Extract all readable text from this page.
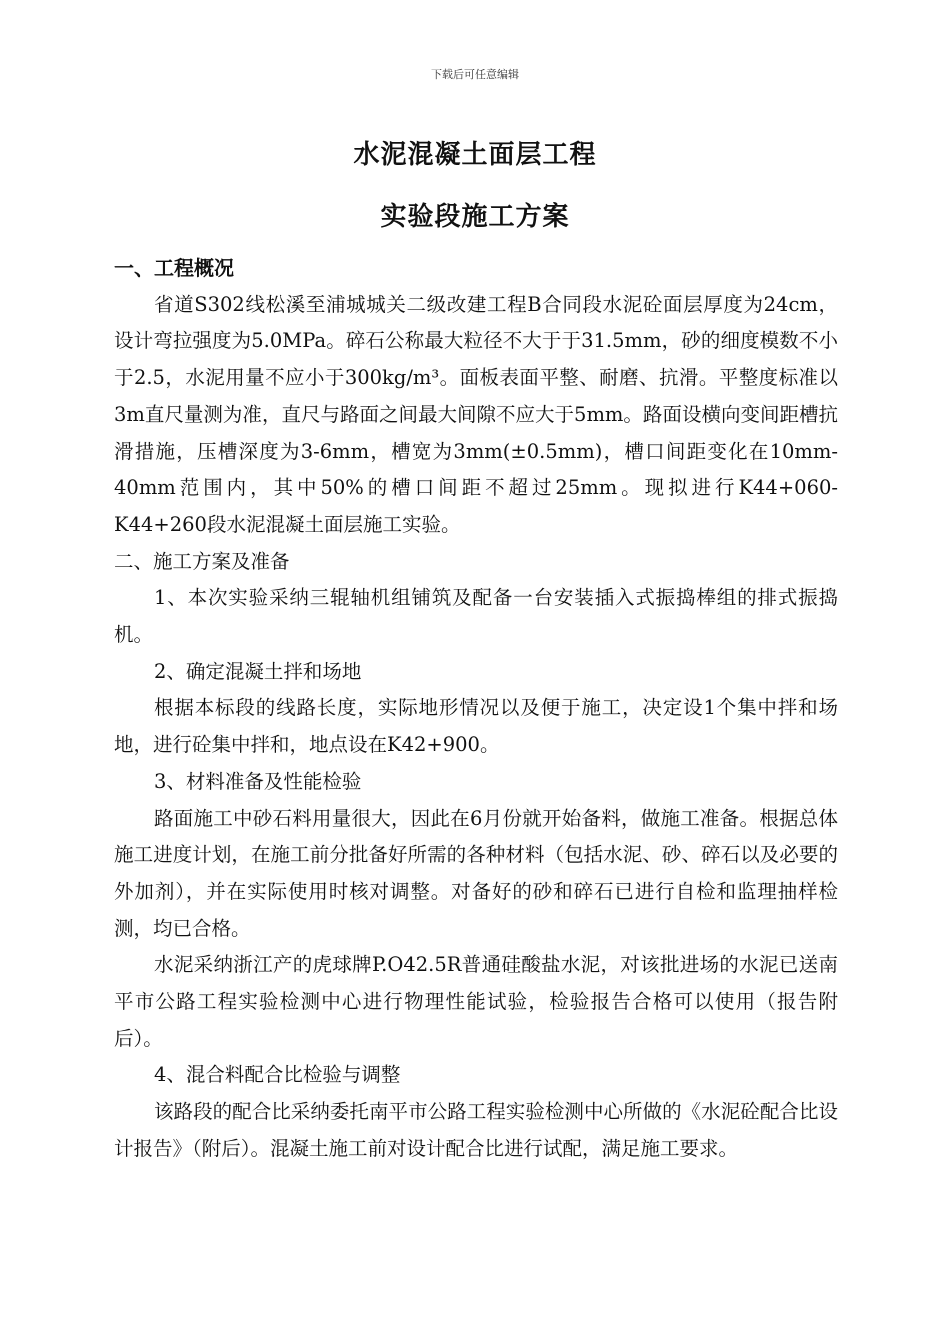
下载后可任意编辑
水泥混凝土面层工程
实验段施工方案

一、工程概况

省道S302线松溪至浦城城关二级改建工程B合同段水泥砼面层厚度为24cm，设计弯拉强度为5.0MPa。碎石公称最大粒径不大于于31.5mm，砂的细度模数不小于2.5，水泥用量不应小于300kg/m³。面板表面平整、耐磨、抗滑。平整度标准以3m直尺量测为准，直尺与路面之间最大间隙不应大于5mm。路面设横向变间距槽抗滑措施，压槽深度为3-6mm，槽宽为3mm(±0.5mm)，槽口间距变化在10mm-40mm范围内，其中50%的槽口间距不超过25mm。现拟进行K44+060-K44+260段水泥混凝土面层施工实验。

二、施工方案及准备

1、本次实验采纳三辊轴机组铺筑及配备一台安装插入式振捣棒组的排式振捣机。

2、确定混凝土拌和场地

根据本标段的线路长度，实际地形情况以及便于施工，决定设1个集中拌和场地，进行砼集中拌和，地点设在K42+900。

3、材料准备及性能检验

路面施工中砂石料用量很大，因此在6月份就开始备料，做施工准备。根据总体施工进度计划，在施工前分批备好所需的各种材料（包括水泥、砂、碎石以及必要的外加剂），并在实际使用时核对调整。对备好的砂和碎石已进行自检和监理抽样检测，均已合格。

水泥采纳浙江产的虎球牌P.O42.5R普通硅酸盐水泥，对该批进场的水泥已送南平市公路工程实验检测中心进行物理性能试验，检验报告合格可以使用（报告附后）。

4、混合料配合比检验与调整

该路段的配合比采纳委托南平市公路工程实验检测中心所做的《水泥砼配合比设计报告》（附后）。混凝土施工前对设计配合比进行试配，满足施工要求。
